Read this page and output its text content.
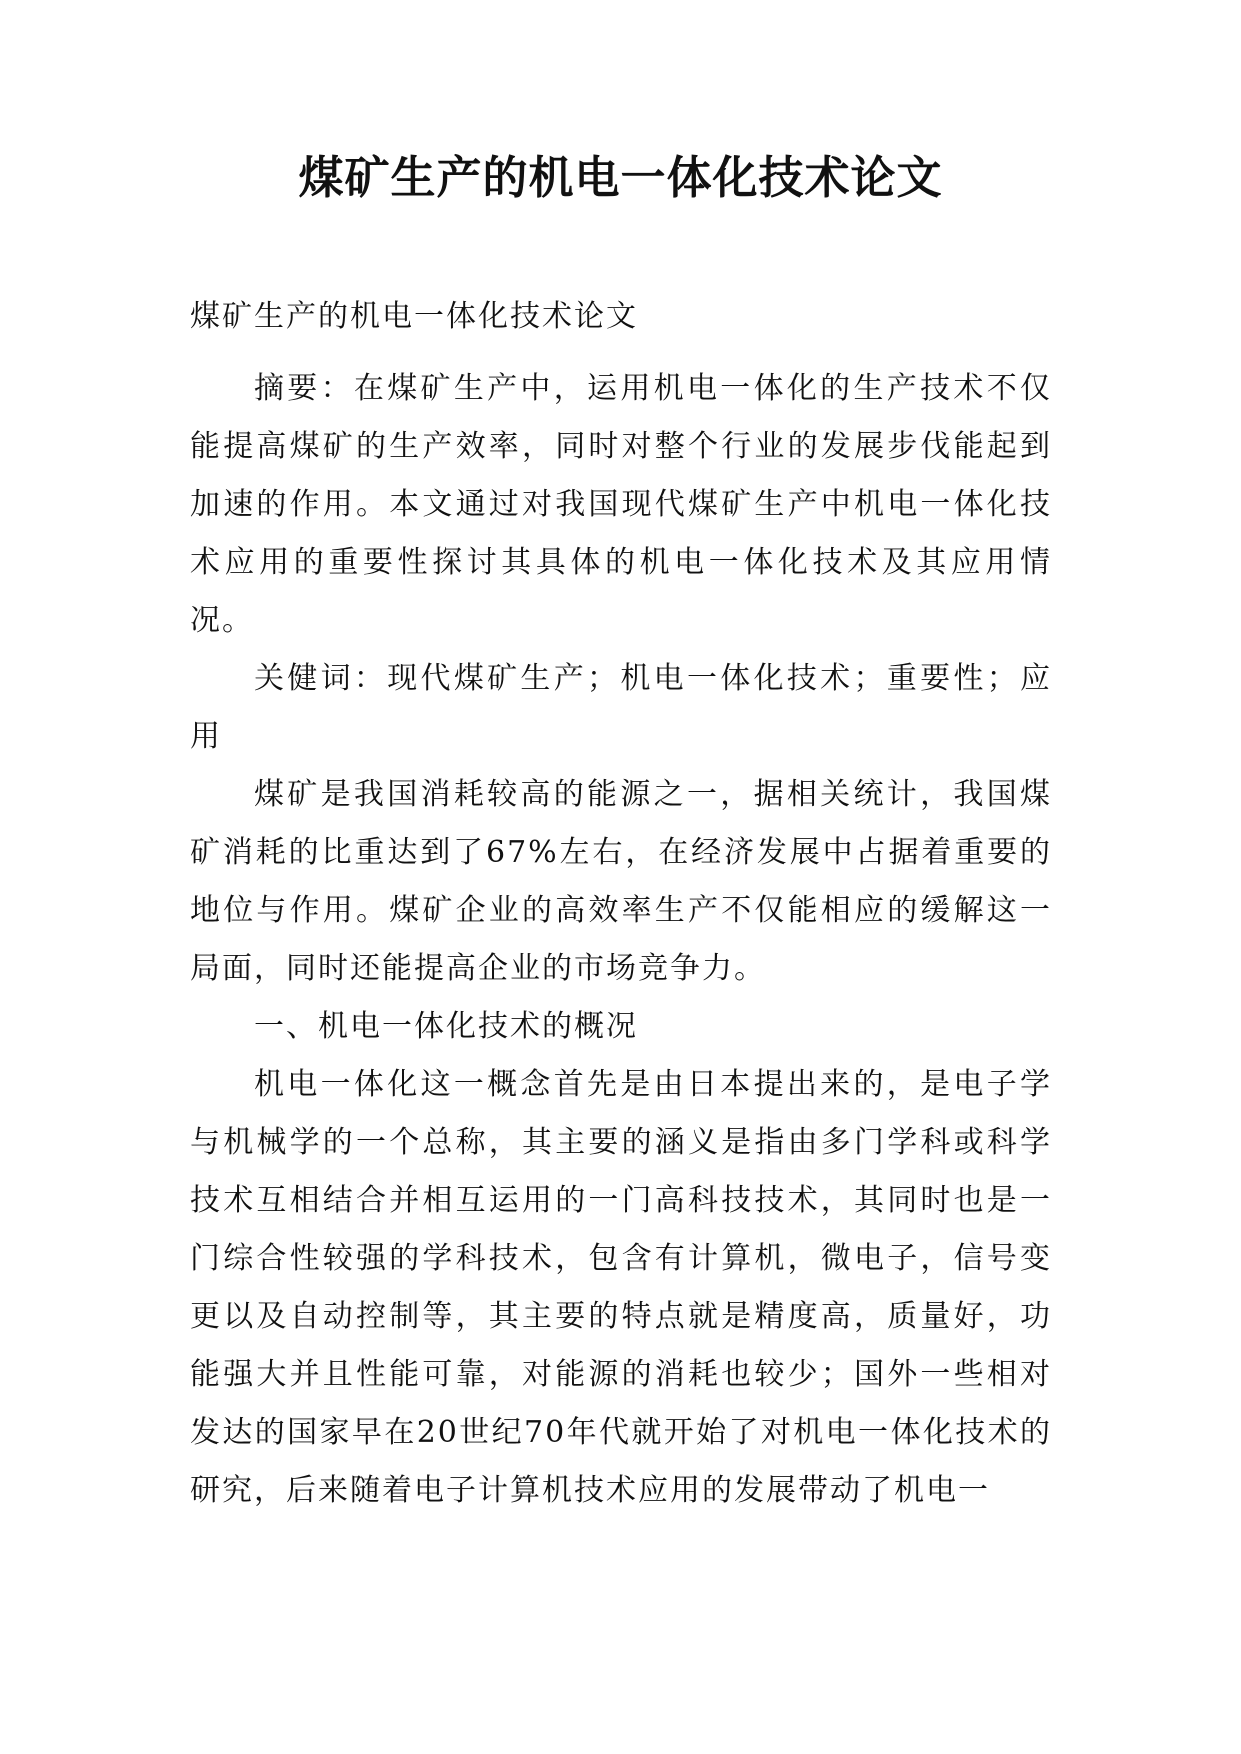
煤矿生产的机电一体化技术论文
煤矿生产的机电一体化技术论文

摘要：在煤矿生产中，运用机电一体化的生产技术不仅能提高煤矿的生产效率，同时对整个行业的发展步伐能起到加速的作用。本文通过对我国现代煤矿生产中机电一体化技术应用的重要性探讨其具体的机电一体化技术及其应用情况。

关健词：现代煤矿生产；机电一体化技术；重要性；应用

煤矿是我国消耗较高的能源之一，据相关统计，我国煤矿消耗的比重达到了67%左右，在经济发展中占据着重要的地位与作用。煤矿企业的高效率生产不仅能相应的缓解这一局面，同时还能提高企业的市场竞争力。

一、机电一体化技术的概况

机电一体化这一概念首先是由日本提出来的，是电子学与机械学的一个总称，其主要的涵义是指由多门学科或科学技术互相结合并相互运用的一门高科技技术，其同时也是一门综合性较强的学科技术，包含有计算机，微电子，信号变更以及自动控制等，其主要的特点就是精度高，质量好，功能强大并且性能可靠，对能源的消耗也较少；国外一些相对发达的国家早在20世纪70年代就开始了对机电一体化技术的研究，后来随着电子计算机技术应用的发展带动了机电一
